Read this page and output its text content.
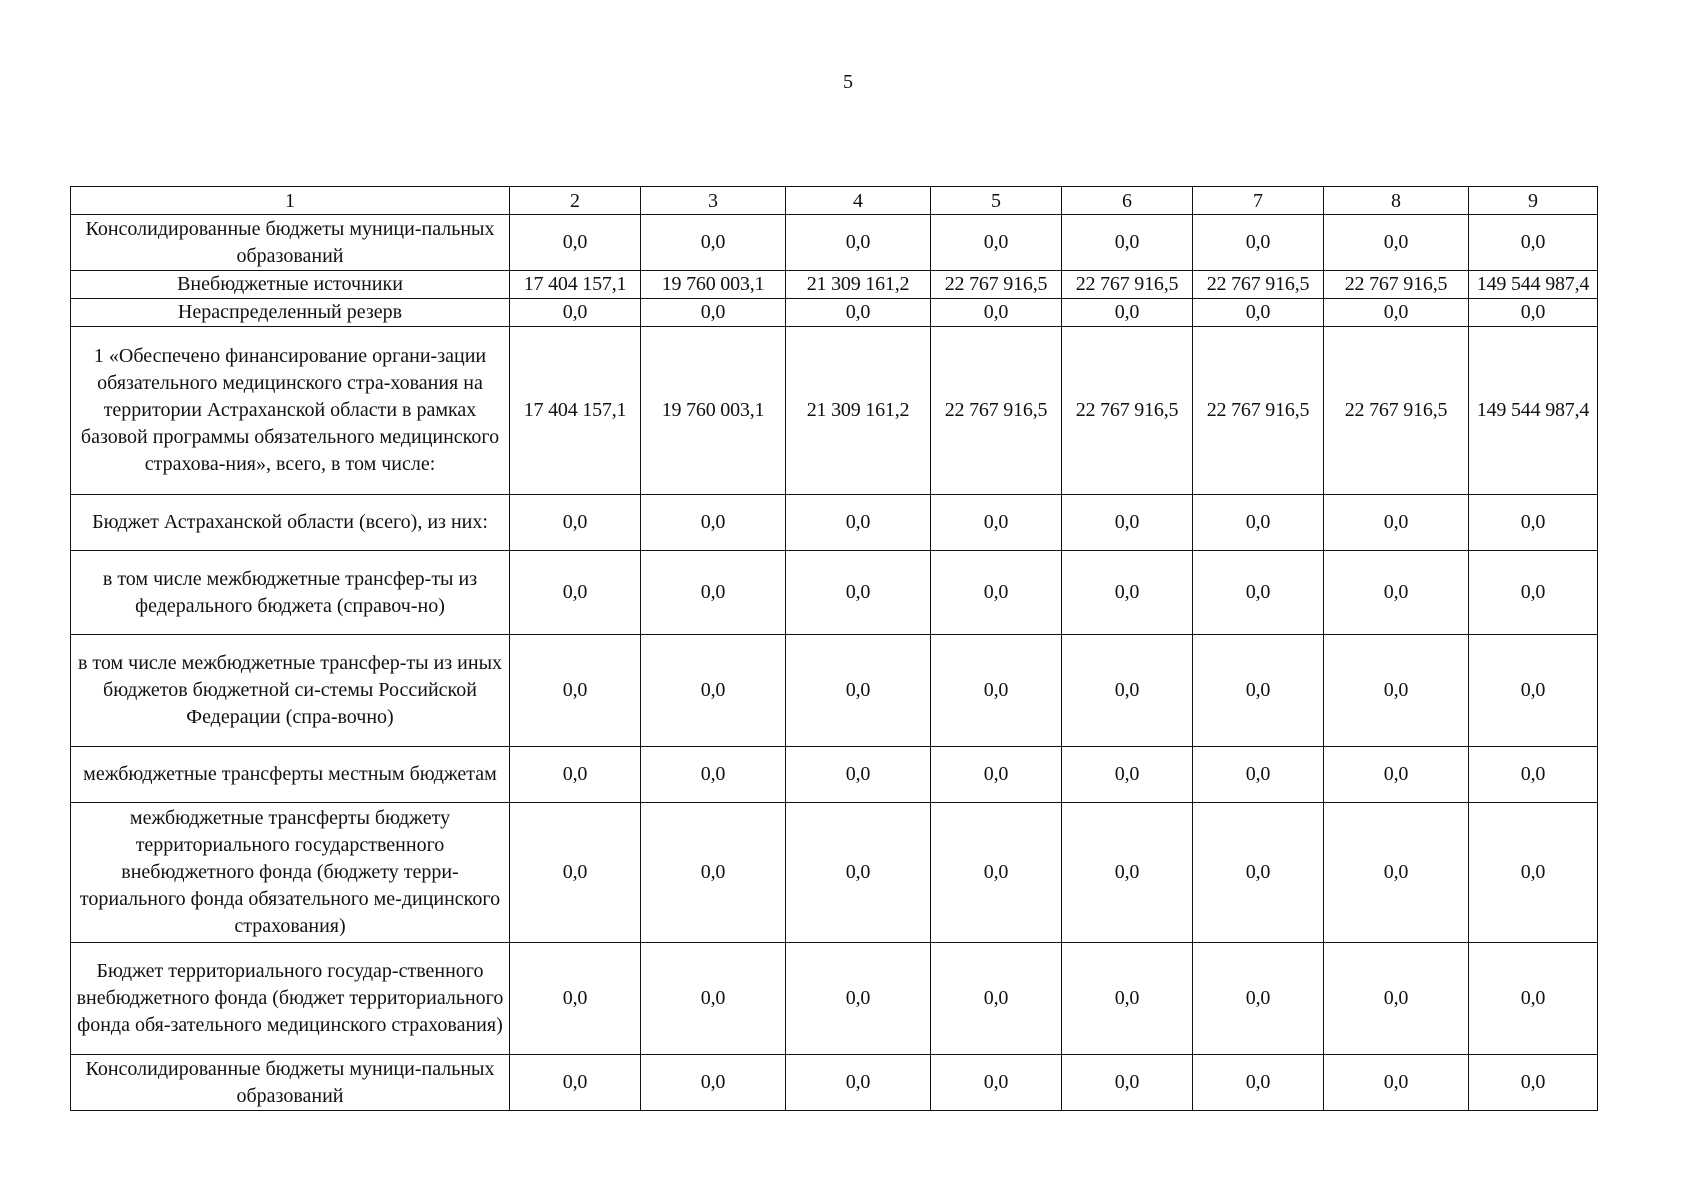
5
1	2	3	4	5	6	7	8	9
Консолидированные бюджеты муници-пальных образований	0,0	0,0	0,0	0,0	0,0	0,0	0,0	0,0
Внебюджетные источники	17 404 157,1	19 760 003,1	21 309 161,2	22 767 916,5	22 767 916,5	22 767 916,5	22 767 916,5	149 544 987,4
Нераспределенный резерв	0,0	0,0	0,0	0,0	0,0	0,0	0,0	0,0
1 «Обеспечено финансирование органи-зации обязательного медицинского стра-хования на территории Астраханской области в рамках базовой программы обязательного медицинского страхова-ния», всего, в том числе:	17 404 157,1	19 760 003,1	21 309 161,2	22 767 916,5	22 767 916,5	22 767 916,5	22 767 916,5	149 544 987,4
Бюджет Астраханской области (всего), из них:	0,0	0,0	0,0	0,0	0,0	0,0	0,0	0,0
в том числе межбюджетные трансфер-ты из федерального бюджета (справоч-но)	0,0	0,0	0,0	0,0	0,0	0,0	0,0	0,0
в том числе межбюджетные трансфер-ты из иных бюджетов бюджетной си-стемы Российской Федерации (спра-вочно)	0,0	0,0	0,0	0,0	0,0	0,0	0,0	0,0
межбюджетные трансферты местным бюджетам	0,0	0,0	0,0	0,0	0,0	0,0	0,0	0,0
межбюджетные трансферты бюджету территориального государственного внебюджетного фонда (бюджету терри-ториального фонда обязательного ме-дицинского страхования)	0,0	0,0	0,0	0,0	0,0	0,0	0,0	0,0
Бюджет территориального государ-ственного внебюджетного фонда (бюджет территориального фонда обя-зательного медицинского страхования)	0,0	0,0	0,0	0,0	0,0	0,0	0,0	0,0
Консолидированные бюджеты муници-пальных образований	0,0	0,0	0,0	0,0	0,0	0,0	0,0	0,0
